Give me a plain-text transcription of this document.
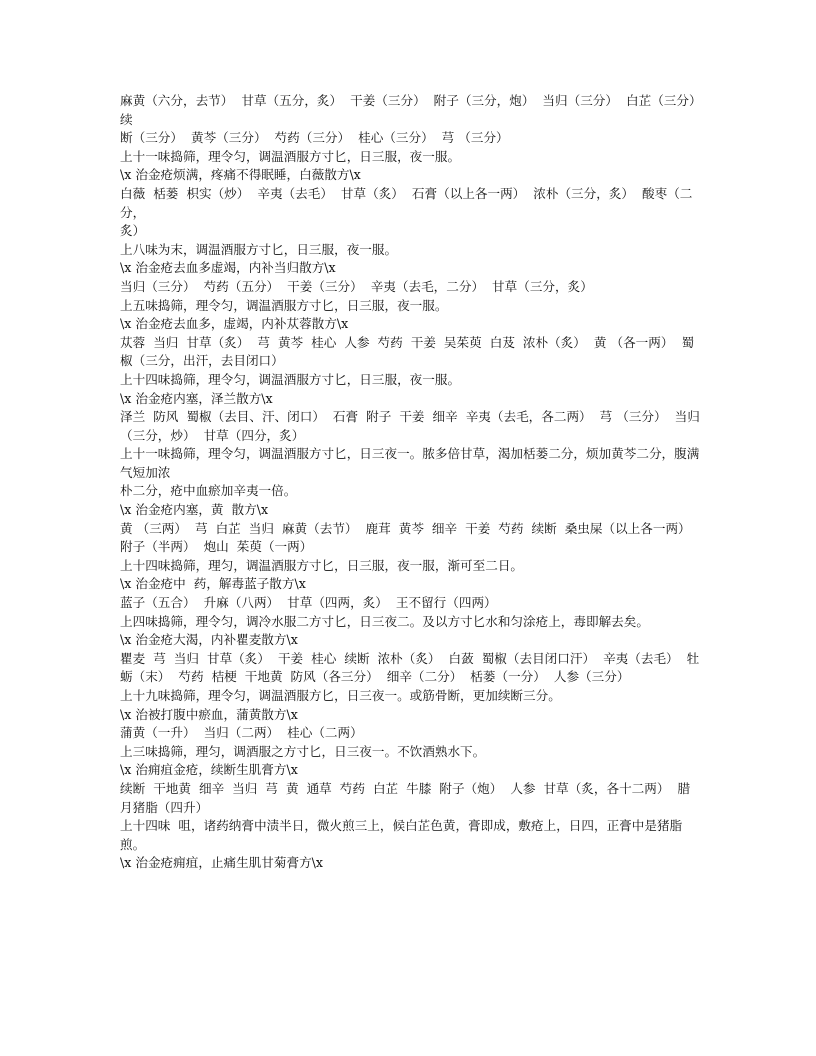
麻黄（六分，去节）  甘草（五分，炙）  干姜（三分）  附子（三分，炮）  当归（三分）  白芷（三分）  续
断（三分）  黄芩（三分）  芍药（三分）  桂心（三分）  芎 （三分）
上十一味捣筛，理令匀，调温酒服方寸匕，日三服，夜一服。
\x 治金疮烦满，疼痛不得眠睡，白薇散方\x
白薇  栝蒌  枳实（炒）  辛夷（去毛）  甘草（炙）  石膏（以上各一两）  浓朴（三分，炙）  酸枣（二分，
炙）
上八味为末，调温酒服方寸匕，日三服，夜一服。
\x 治金疮去血多虚竭，内补当归散方\x
当归（三分）  芍药（五分）  干姜（三分）  辛夷（去毛，二分）  甘草（三分，炙）
上五味捣筛，理令匀，调温酒服方寸匕，日三服，夜一服。
\x 治金疮去血多，虚竭，内补苁蓉散方\x
苁蓉  当归  甘草（炙）  芎  黄芩  桂心  人参  芍药  干姜  吴茱萸  白芨  浓朴（炙）  黄 （各一两）  蜀
椒（三分，出汗，去目闭口）
上十四味捣筛，理令匀，调温酒服方寸匕，日三服，夜一服。
\x 治金疮内塞，泽兰散方\x
泽兰  防风  蜀椒（去目、汗、闭口）  石膏  附子  干姜  细辛  辛夷（去毛，各二两）  芎 （三分）  当归
（三分，炒）  甘草（四分，炙）
上十一味捣筛，理令匀，调温酒服方寸匕，日三夜一。脓多倍甘草，渴加栝蒌二分，烦加黄芩二分，腹满气短加浓
朴二分，疮中血瘀加辛夷一倍。
\x 治金疮内塞，黄  散方\x
黄 （三两）  芎  白芷  当归  麻黄（去节）  鹿茸  黄芩  细辛  干姜  芍药  续断  桑虫屎（以上各一两）
附子（半两）  炮山  茱萸（一两）
上十四味捣筛，理匀，调温酒服方寸匕，日三服，夜一服，渐可至二日。
\x 治金疮中  药，解毒蓝子散方\x
蓝子（五合）  升麻（八两）  甘草（四两，炙）  王不留行（四两）
上四味捣筛，理令匀，调冷水服二方寸匕，日三夜二。及以方寸匕水和匀涂疮上，毒即解去矣。
\x 治金疮大渴，内补瞿麦散方\x
瞿麦  芎  当归  甘草（炙）  干姜  桂心  续断  浓朴（炙）  白蔹  蜀椒（去目闭口汗）  辛夷（去毛）  牡
蛎（末）  芍药  桔梗  干地黄  防风（各三分）  细辛（二分）  栝蒌（一分）  人参（三分）
上十九味捣筛，理令匀，调温酒服方匕，日三夜一。或筋骨断，更加续断三分。
\x 治被打腹中瘀血，蒲黄散方\x
蒲黄（一升）  当归（二两）  桂心（二两）
上三味捣筛，理匀，调酒服之方寸匕，日三夜一。不饮酒熟水下。
\x 治痈疽金疮，续断生肌膏方\x
续断  干地黄  细辛  当归  芎  黄  通草  芍药  白芷  牛膝  附子（炮）  人参  甘草（炙，各十二两）  腊
月猪脂（四升）
上十四味  咀，诸药纳膏中渍半日，微火煎三上，候白芷色黄，膏即成，敷疮上，日四，正膏中是猪脂煎。
\x 治金疮痈疽，止痛生肌甘菊膏方\x
